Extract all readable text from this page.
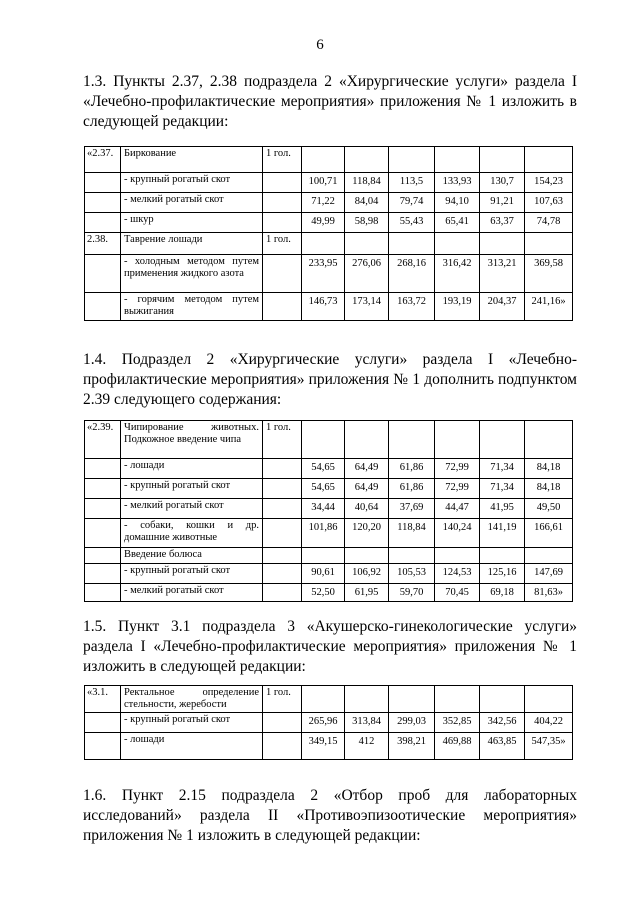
6

1.3. Пункты 2.37, 2.38 подраздела 2 «Хирургические услуги» раздела I «Лечебно-профилактические мероприятия» приложения № 1 изложить в следующей редакции:

«2.37.	Биркование	1 гол.						
	- крупный рогатый скот		100,71	118,84	113,5	133,93	130,7	154,23
	- мелкий рогатый скот		71,22	84,04	79,74	94,10	91,21	107,63
	- шкур		49,99	58,98	55,43	65,41	63,37	74,78
2.38.	Таврение лошади	1 гол.						
	- холодным методом путем применения жидкого азота		233,95	276,06	268,16	316,42	313,21	369,58
	- горячим методом путем выжигания		146,73	173,14	163,72	193,19	204,37	241,16»

1.4. Подраздел 2 «Хирургические услуги» раздела I «Лечебно-профилактические мероприятия» приложения № 1 дополнить подпунктом 2.39 следующего содержания:

«2.39.	Чипирование животных. Подкожное введение чипа	1 гол.						
	- лошади		54,65	64,49	61,86	72,99	71,34	84,18
	- крупный рогатый скот		54,65	64,49	61,86	72,99	71,34	84,18
	- мелкий рогатый скот		34,44	40,64	37,69	44,47	41,95	49,50
	- собаки, кошки и др. домашние животные		101,86	120,20	118,84	140,24	141,19	166,61
	Введение болюса							
	- крупный рогатый скот		90,61	106,92	105,53	124,53	125,16	147,69
	- мелкий рогатый скот		52,50	61,95	59,70	70,45	69,18	81,63»

1.5. Пункт 3.1 подраздела 3 «Акушерско-гинекологические услуги» раздела I «Лечебно-профилактические мероприятия» приложения № 1 изложить в следующей редакции:

«3.1.	Ректальное определение стельности, жеребости	1 гол.						
	- крупный рогатый скот		265,96	313,84	299,03	352,85	342,56	404,22
	- лошади		349,15	412	398,21	469,88	463,85	547,35»

1.6. Пункт 2.15 подраздела 2 «Отбор проб для лабораторных исследований» раздела II «Противоэпизоотические мероприятия» приложения № 1 изложить в следующей редакции:
